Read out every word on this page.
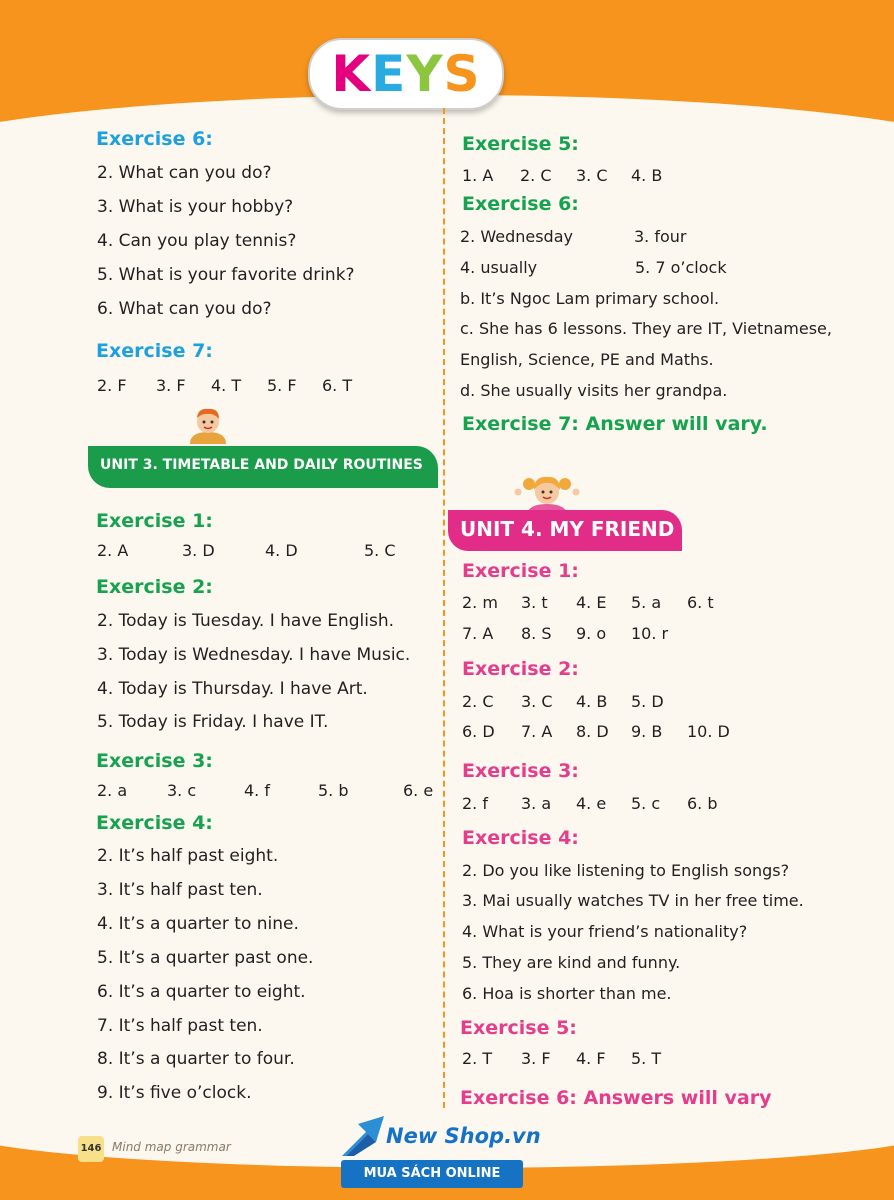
KEYS
Exercise 6:
2. What can you do?
3. What is your hobby?
4. Can you play tennis?
5. What is your favorite drink?
6. What can you do?
Exercise 7:
2. F 3. F 4. T 5. F 6. T
UNIT 3. TIMETABLE AND DAILY ROUTINES
Exercise 1:
2. A	3. D	4. D	5. C
Exercise 2:
2. Today is Tuesday. I have English.
3. Today is Wednesday. I have Music.
4. Today is Thursday. I have Art.
5. Today is Friday. I have IT.
Exercise 3:
2. a 3. c	4. f	5. b	6. e
Exercise 4:
2. It’s half past eight.
3. It’s half past ten.
4. It’s a quarter to nine.
5. It’s a quarter past one.
6. It’s a quarter to eight.
7. It’s half past ten.
8. It’s a quarter to four.
9. It’s five o’clock.
Exercise 5:
1. A 2. C 3. C 4. B
Exercise 6:
2. Wednesday	3. four
4. usually	5. 7 o’clock
b. It’s Ngoc Lam primary school.
c. She has 6 lessons. They are IT, Vietnamese,
English, Science, PE and Maths.
d. She usually visits her grandpa.
Exercise 7: Answer will vary.
UNIT 4. MY FRIEND
Exercise 1:
2. m 3. t 4. E 5. a 6. t
7. A 8. S 9. o 10. r
Exercise 2:
2. C 3. C 4. B 5. D
6. D 7. A 8. D 9. B 10. D
Exercise 3:
2. f 3. a 4. e 5. c 6. b
Exercise 4:
2. Do you like listening to English songs?
3. Mai usually watches TV in her free time.
4. What is your friend’s nationality?
5. They are kind and funny.
6. Hoa is shorter than me.
Exercise 5:
2. T 3. F 4. F 5. T
Exercise 6: Answers will vary
146 Mind map grammar	New Shop.vn
MUA SÁCH ONLINE
